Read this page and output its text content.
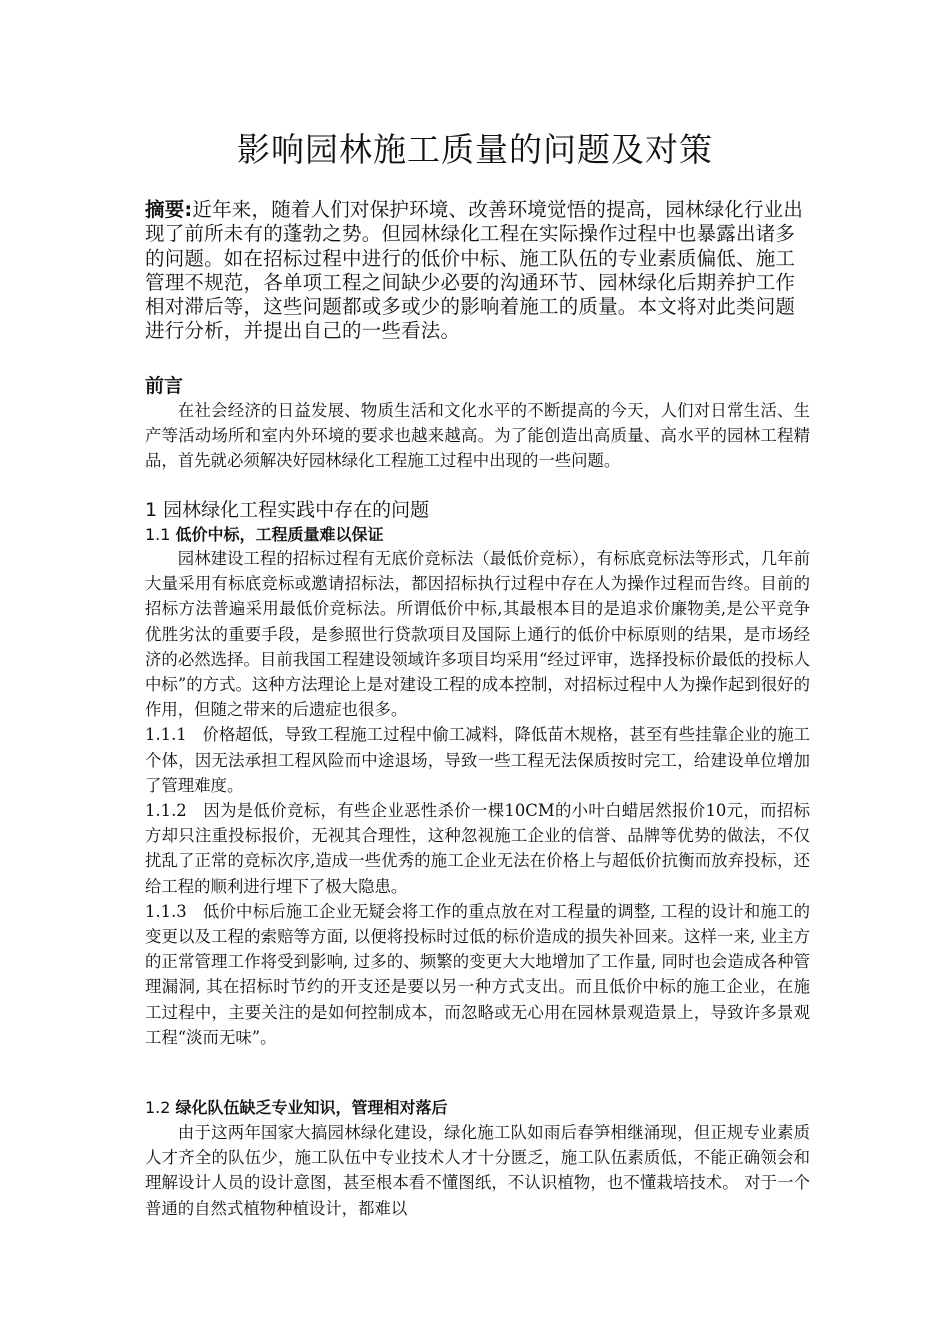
影响园林施工质量的问题及对策
摘要:近年来，随着人们对保护环境、改善环境觉悟的提高，园林绿化行业出现了前所未有的蓬勃之势。但园林绿化工程在实际操作过程中也暴露出诸多的问题。如在招标过程中进行的低价中标、施工队伍的专业素质偏低、施工管理不规范，各单项工程之间缺少必要的沟通环节、园林绿化后期养护工作相对滞后等，这些问题都或多或少的影响着施工的质量。本文将对此类问题进行分析，并提出自己的一些看法。
前言

在社会经济的日益发展、物质生活和文化水平的不断提高的今天，人们对日常生活、生产等活动场所和室内外环境的要求也越来越高。为了能创造出高质量、高水平的园林工程精品，首先就必须解决好园林绿化工程施工过程中出现的一些问题。

1 园林绿化工程实践中存在的问题
1.1 低价中标，工程质量难以保证

园林建设工程的招标过程有无底价竞标法（最低价竞标），有标底竞标法等形式，几年前大量采用有标底竞标或邀请招标法，都因招标执行过程中存在人为操作过程而告终。目前的招标方法普遍采用最低价竞标法。所谓低价中标,其最根本目的是追求价廉物美,是公平竞争优胜劣汰的重要手段，是参照世行贷款项目及国际上通行的低价中标原则的结果，是市场经济的必然选择。目前我国工程建设领域许多项目均采用“经过评审，选择投标价最低的投标人中标”的方式。这种方法理论上是对建设工程的成本控制，对招标过程中人为操作起到很好的作用，但随之带来的后遗症也很多。

1.1.1 价格超低，导致工程施工过程中偷工减料，降低苗木规格，甚至有些挂靠企业的施工个体，因无法承担工程风险而中途退场，导致一些工程无法保质按时完工，给建设单位增加了管理难度。

1.1.2 因为是低价竞标，有些企业恶性杀价一棵10CM的小叶白蜡居然报价10元，而招标方却只注重投标报价，无视其合理性，这种忽视施工企业的信誉、品牌等优势的做法，不仅扰乱了正常的竞标次序,造成一些优秀的施工企业无法在价格上与超低价抗衡而放弃投标，还给工程的顺利进行埋下了极大隐患。

1.1.3 低价中标后施工企业无疑会将工作的重点放在对工程量的调整, 工程的设计和施工的变更以及工程的索赔等方面, 以便将投标时过低的标价造成的损失补回来。这样一来, 业主方的正常管理工作将受到影响, 过多的、频繁的变更大大地增加了工作量, 同时也会造成各种管理漏洞, 其在招标时节约的开支还是要以另一种方式支出。而且低价中标的施工企业，在施工过程中，主要关注的是如何控制成本，而忽略或无心用在园林景观造景上，导致许多景观工程“淡而无味”。

1.2 绿化队伍缺乏专业知识，管理相对落后

由于这两年国家大搞园林绿化建设，绿化施工队如雨后春笋相继涌现，但正规专业素质人才齐全的队伍少，施工队伍中专业技术人才十分匮乏，施工队伍素质低，不能正确领会和理解设计人员的设计意图，甚至根本看不懂图纸，不认识植物，也不懂栽培技术。 对于一个普通的自然式植物种植设计，都难以
